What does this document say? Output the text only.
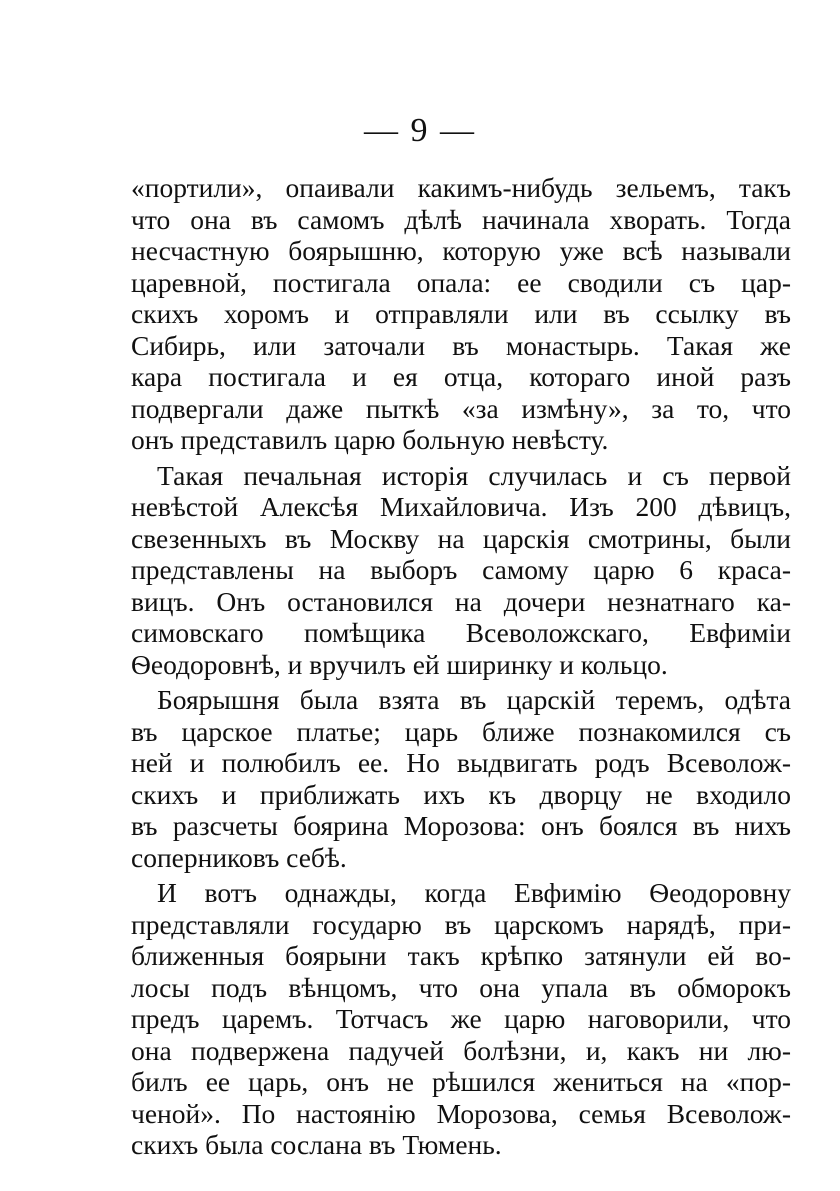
— 9 —
«портили», опаивали какимъ-нибудь зельемъ, такъ
что она въ самомъ дѣлѣ начинала хворать. Тогда
несчастную боярышню, которую уже всѣ называли
царевной, постигала опала: ее сводили съ цар-
скихъ хоромъ и отправляли или въ ссылку въ
Сибирь, или заточали въ монастырь. Такая же
кара постигала и ея отца, котораго иной разъ
подвергали даже пыткѣ «за измѣну», за то, что
онъ представилъ царю больную невѣсту.
Такая печальная исторія случилась и съ первой
невѣстой Алексѣя Михайловича. Изъ 200 дѣвицъ,
свезенныхъ въ Москву на царскія смотрины, были
представлены на выборъ самому царю 6 краса-
вицъ. Онъ остановился на дочери незнатнаго ка-
симовскаго помѣщика Всеволожскаго, Евфиміи
Ѳеодоровнѣ, и вручилъ ей ширинку и кольцо.
Боярышня была взята въ царскій теремъ, одѣта
въ царское платье; царь ближе познакомился съ
ней и полюбилъ ее. Но выдвигать родъ Всеволож-
скихъ и приближать ихъ къ дворцу не входило
въ разсчеты боярина Морозова: онъ боялся въ нихъ
соперниковъ себѣ.
И вотъ однажды, когда Евфимію Ѳеодоровну
представляли государю въ царскомъ нарядѣ, при-
ближенныя боярыни такъ крѣпко затянули ей во-
лосы подъ вѣнцомъ, что она упала въ обморокъ
предъ царемъ. Тотчасъ же царю наговорили, что
она подвержена падучей болѣзни, и, какъ ни лю-
билъ ее царь, онъ не рѣшился жениться на «пор-
ченой». По настоянію Морозова, семья Всеволож-
скихъ была сослана въ Тюмень.
